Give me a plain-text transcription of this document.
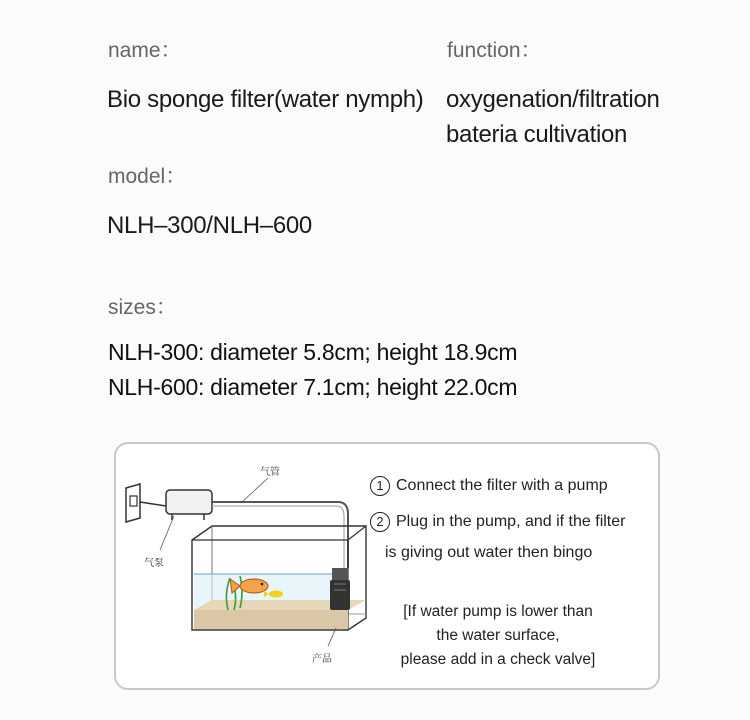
name：	function：
Bio sponge filter(water nymph) oxygenation/filtration
bateria cultivation
model：
NLH–300/NLH–600
sizes：
NLH-300: diameter 5.8cm; height 18.9cm
NLH-600: diameter 7.1cm; height 22.0cm
气管
气泵
产品
1 Connect the filter with a pump
2 Plug in the pump, and if the filter
is giving out water then bingo
[If water pump is lower than
the water surface,
please add in a check valve]
